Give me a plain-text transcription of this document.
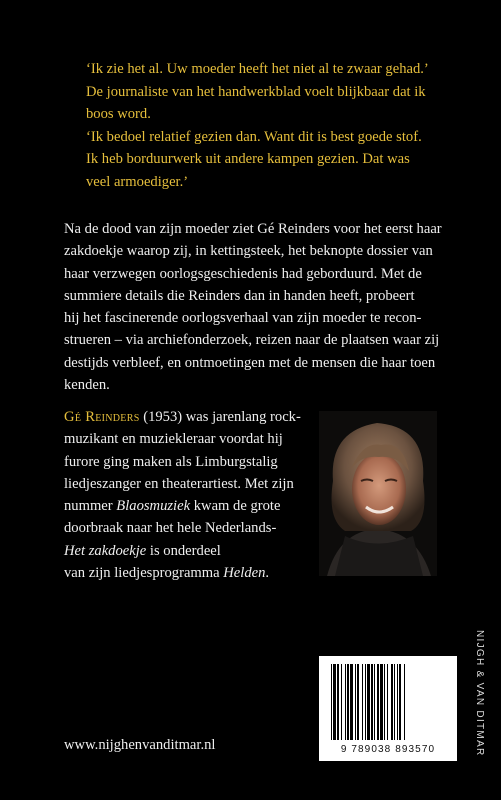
‘Ik zie het al. Uw moeder heeft het niet al te zwaar gehad.’

De journaliste van het handwerkblad voelt blijkbaar dat ik

boos word.

‘Ik bedoel relatief gezien dan. Want dit is best goede stof.

Ik heb borduurwerk uit andere kampen gezien. Dat was

veel armoediger.’

Na de dood van zijn moeder ziet Gé Reinders voor het eerst haar

zakdoekje waarop zij, in kettingsteek, het beknopte dossier van

haar verzwegen oorlogsgeschiedenis had geborduurd. Met de

summiere details die Reinders dan in handen heeft, probeert

hij het fascinerende oorlogsverhaal van zijn moeder te recon-

strueren – via archiefonderzoek, reizen naar de plaatsen waar zij

destijds verbleef, en ontmoetingen met de mensen die haar toen

kenden.

Gé Reinders (1953) was jarenlang rock-

muzikant en muziekleraar voordat hij

furore ging maken als Limburgstalig

liedjeszanger en theaterartiest. Met zijn

nummer Blaosmuziek kwam de grote

doorbraak naar het hele Nederlands-

Het zakdoekje is onderdeel

van zijn liedjesprogramma Helden.

NIJGH & VAN DITMAR
9 789038 893570
www.nijghenvanditmar.nl
